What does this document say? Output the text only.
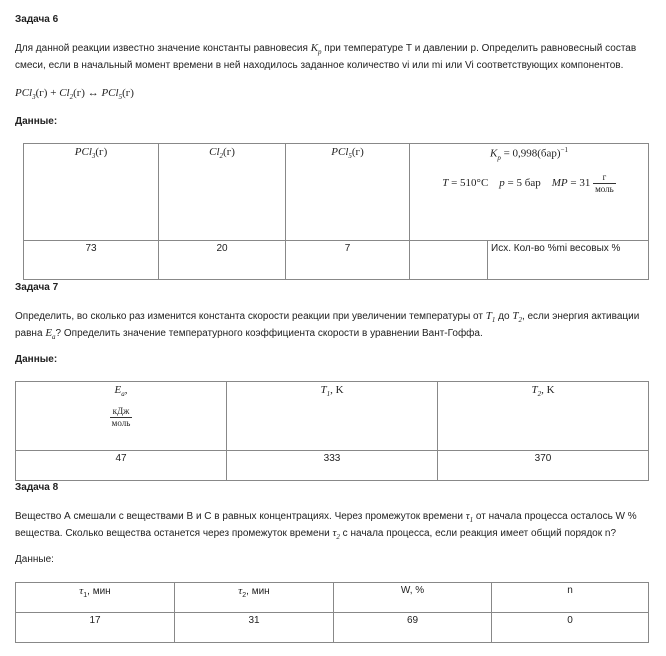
Задача 6
Для данной реакции известно значение константы равновесия $K_p$ при температуре Т и давлении p. Определить равновесный состав
смеси, если в начальный момент времени в ней находилось заданное количество vi или mi или Vi соответствующих компонентов.
$PCl_3(г) + Cl_2(г)$ ↔ PCl$_5$(г)
Данные:
PCl$_3$(г)	$Cl_2(г)$	PCl$_5$(г)	$K_p = 0,998(бар)^{-1}$
T = 510°C p = 5 бар MP = $31 \frac{г}{\text{моль}}$

73	20	7		Исх. Кол-во %mi весовых %
Задача 7
Определить, во сколько раз изменится константа скорости реакции при увеличении температуры от $T_1$ до $T_2$, если энергия активации
равна $E_a$? Определить значение температурного коэффициента скорости в уравнении Вант-Гоффа.
Данные:
$E_a$,
$\frac{\text{кДж}}{\text{моль}}$	$T_1$, K	$T_2$, K
47	333	370
Задача 8
Вещество А смешали с веществами В и С в равных концентрациях. Через промежуток времени $\tau_1$ от начала процесса осталось W %
вещества. Сколько вещества останется через промежуток времени $\tau_2$ с начала процесса, если реакция имеет общий порядок n?
Данные:
$\tau_1$, мин	$\tau_2$, мин	W, %	n
17	31	69	0
